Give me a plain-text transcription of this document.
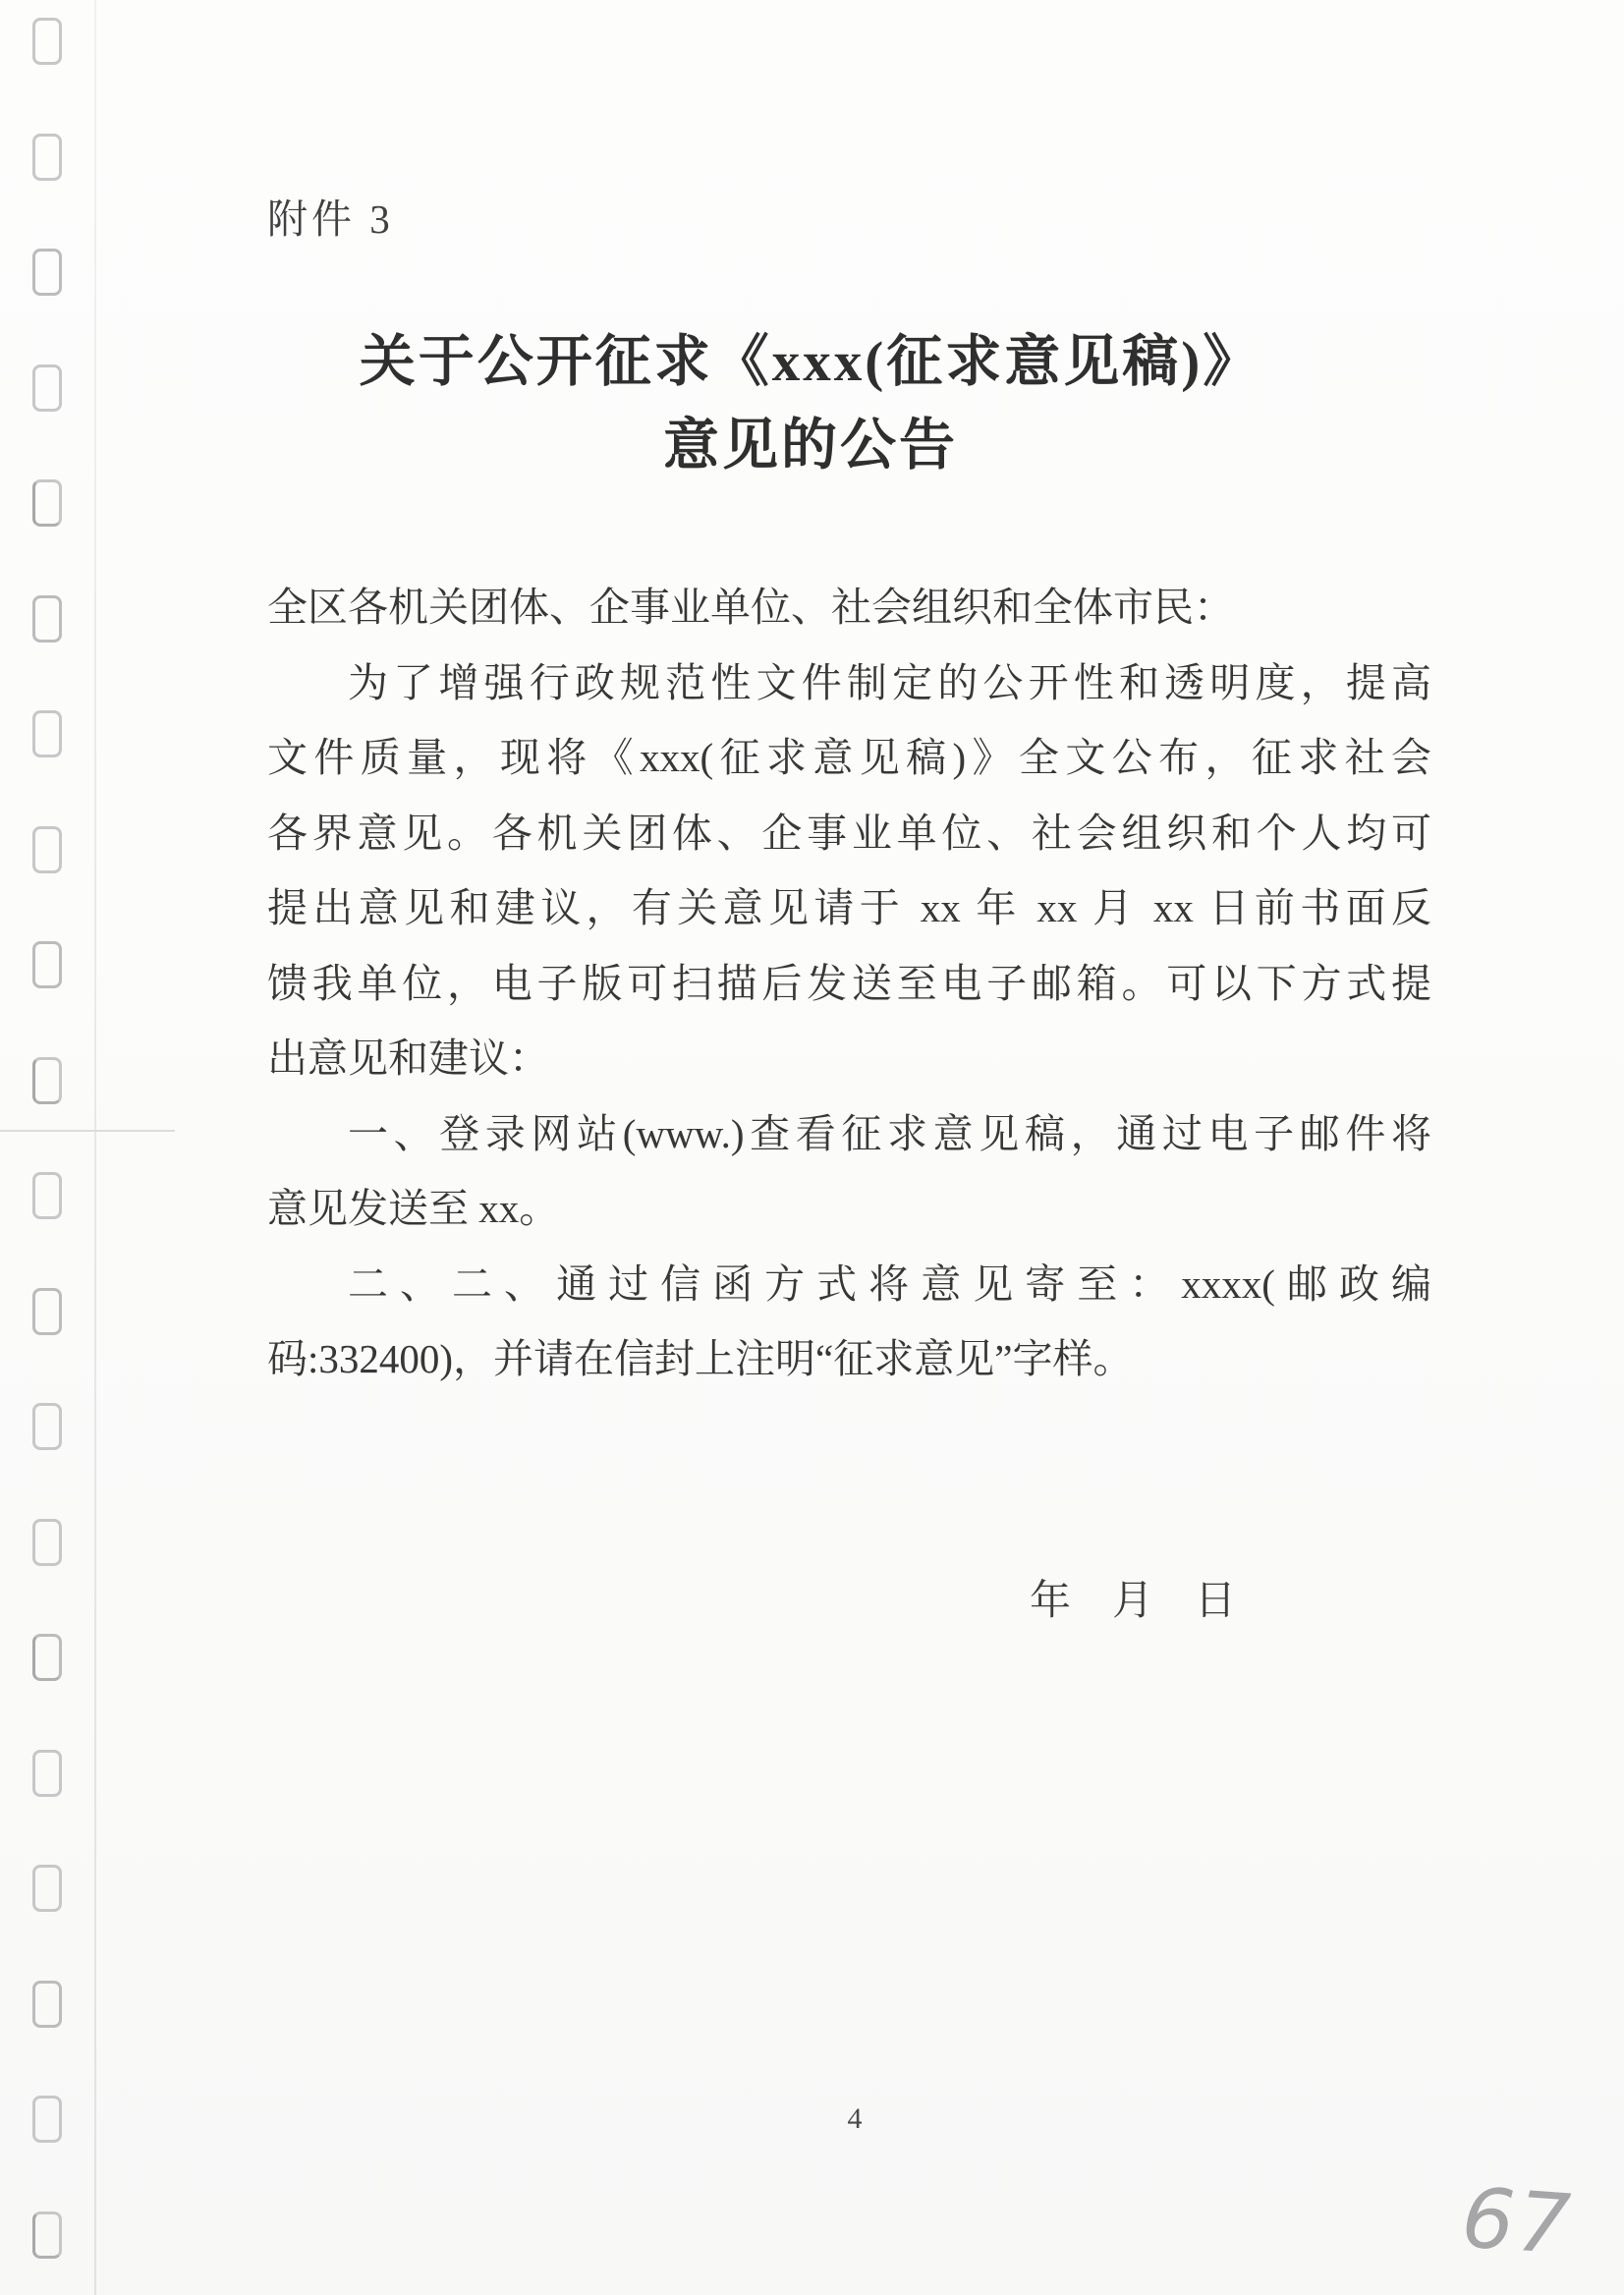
附件 3
关于公开征求《xxx(征求意见稿)》
意见的公告
全区各机关团体、企事业单位、社会组织和全体市民：
为了增强行政规范性文件制定的公开性和透明度，提高
文件质量，现将《xxx(征求意见稿)》全文公布，征求社会
各界意见。各机关团体、企事业单位、社会组织和个人均可
提出意见和建议，有关意见请于 xx 年 xx 月 xx 日前书面反
馈我单位，电子版可扫描后发送至电子邮箱。可以下方式提
出意见和建议：
一、登录网站(www.)查看征求意见稿，通过电子邮件将
意见发送至 xx。
二、二、通过信函方式将意见寄至：xxxx(邮政编
码:332400)，并请在信封上注明“征求意见”字样。
年　月　日
4
67
